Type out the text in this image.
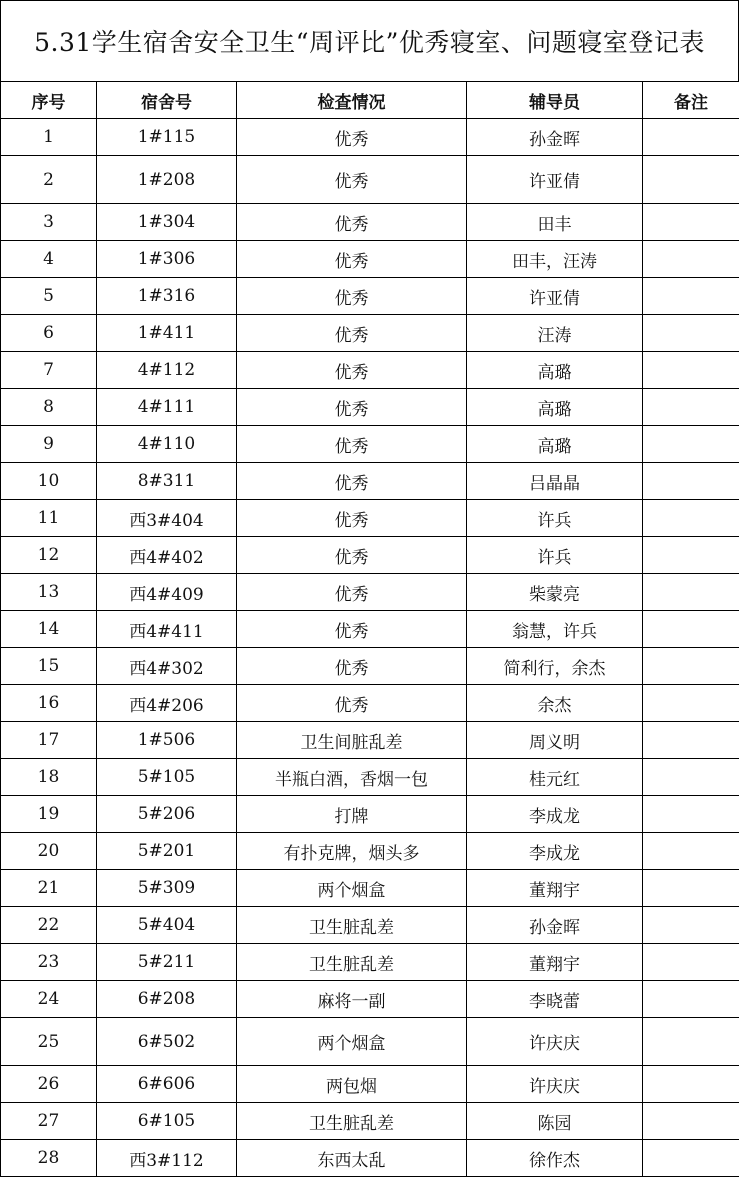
5.31学生宿舍安全卫生“周评比”优秀寝室、问题寝室登记表
序号	宿舍号	检查情况	辅导员	备注
1	1#115	优秀	孙金晖	
2	1#208	优秀	许亚倩	
3	1#304	优秀	田丰	
4	1#306	优秀	田丰，汪涛	
5	1#316	优秀	许亚倩	
6	1#411	优秀	汪涛	
7	4#112	优秀	高璐	
8	4#111	优秀	高璐	
9	4#110	优秀	高璐	
10	8#311	优秀	吕晶晶	
11	西3#404	优秀	许兵	
12	西4#402	优秀	许兵	
13	西4#409	优秀	柴蒙亮	
14	西4#411	优秀	翁慧，许兵	
15	西4#302	优秀	简利行，余杰	
16	西4#206	优秀	余杰	
17	1#506	卫生间脏乱差	周义明	
18	5#105	半瓶白酒，香烟一包	桂元红	
19	5#206	打牌	李成龙	
20	5#201	有扑克牌，烟头多	李成龙	
21	5#309	两个烟盒	董翔宇	
22	5#404	卫生脏乱差	孙金晖	
23	5#211	卫生脏乱差	董翔宇	
24	6#208	麻将一副	李晓蕾	
25	6#502	两个烟盒	许庆庆	
26	6#606	两包烟	许庆庆	
27	6#105	卫生脏乱差	陈园	
28	西3#112	东西太乱	徐作杰	
